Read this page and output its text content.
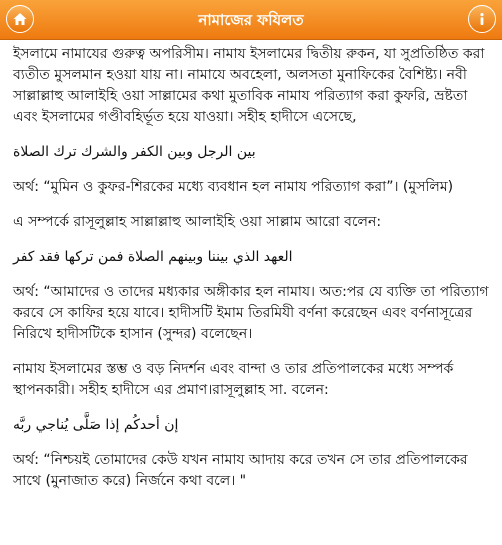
নামাজের ফযিলত

ইসলামে নামাযের গুরুত্ব অপরিসীম। নামায ইসলামের দ্বিতীয় রুকন, যা সুপ্রতিষ্ঠিত করা ব্যতীত মুসলমান হওয়া যায় না। নামাযে অবহেলা, অলসতা মুনাফিকের বৈশিষ্ট্য। নবী সাল্লাল্লাহু আলাইহি ওয়া সাল্লামের কথা মুতাবিক নামায পরিত্যাগ করা কুফরি, ভ্রষ্টতা এবং ইসলামের গণ্ডীবহির্ভূত হয়ে যাওয়া। সহীহ হাদীসে এসেছে,

بين الرجل وبين الكفر والشرك ترك الصلاة

অর্থ: “মুমিন ও কুফর-শিরকের মধ্যে ব্যবধান হল নামায পরিত্যাগ করা”। (মুসলিম)

এ সম্পর্কে রাসূলুল্লাহ সাল্লাল্লাহু আলাইহি ওয়া সাল্লাম আরো বলেন:

العهد الذي بيننا وبينهم الصلاة فمن تركها فقد كفر

অর্থ: “আমাদের ও তাদের মধ্যকার অঙ্গীকার হল নামায। অত:পর যে ব্যক্তি তা পরিত্যাগ করবে সে কাফির হয়ে যাবে। হাদীসটি ইমাম তিরমিযী বর্ণনা করেছেন এবং বর্ণনাসূত্রের নিরিখে হাদীসটিকে হাসান (সুন্দর) বলেছেন।

নামায ইসলামের স্তম্ভ ও বড় নিদর্শন এবং বান্দা ও তার প্রতিপালকের মধ্যে সম্পর্ক স্থাপনকারী। সহীহ হাদীসে এর প্রমাণ।রাসূলুল্লাহ সা. বলেন:

إن أحدكُم إذا صَلَّى يُناجي ربَّه

অর্থ: “নিশ্চয়ই তোমাদের কেউ যখন নামায আদায় করে তখন সে তার প্রতিপালকের সাথে (মুনাজাত করে) নির্জনে কথা বলে। "
